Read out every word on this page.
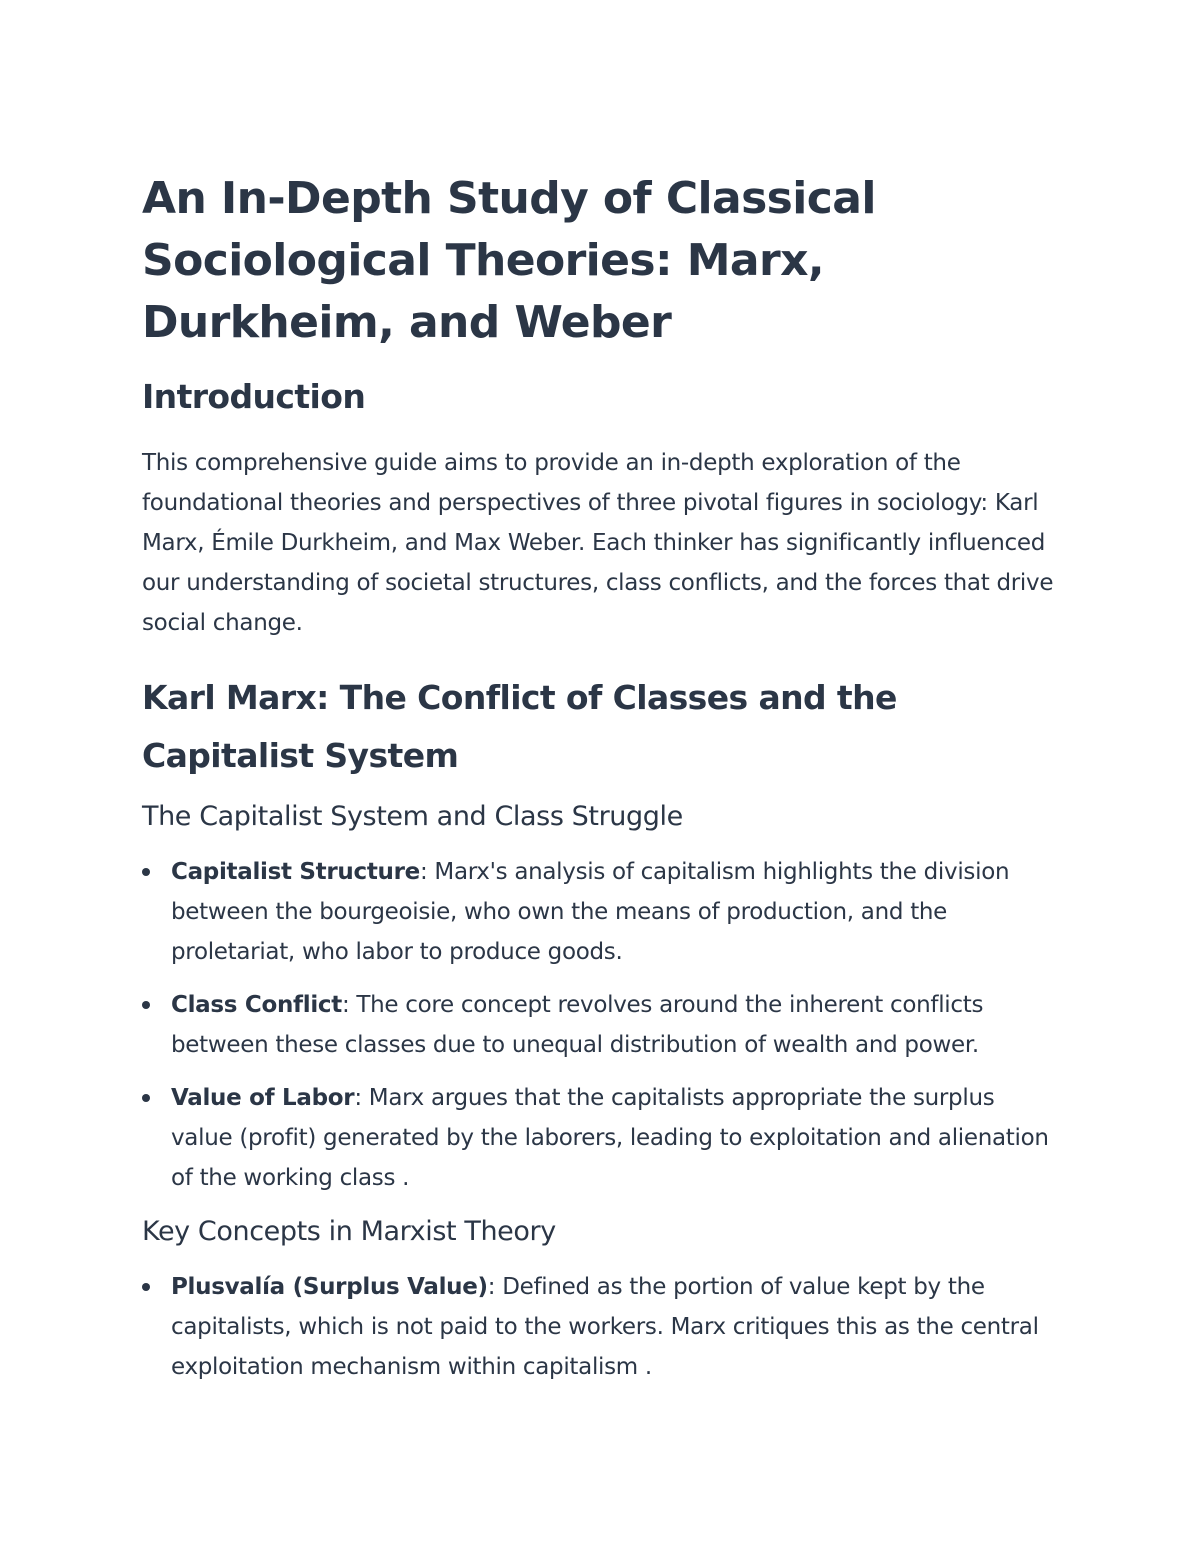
An In-Depth Study of Classical Sociological Theories: Marx, Durkheim, and Weber
Introduction

This comprehensive guide aims to provide an in-depth exploration of the foundational theories and perspectives of three pivotal figures in sociology: Karl Marx, Émile Durkheim, and Max Weber. Each thinker has significantly influenced our understanding of societal structures, class conflicts, and the forces that drive social change.

Karl Marx: The Conflict of Classes and the Capitalist System
The Capitalist System and Class Struggle
Capitalist Structure: Marx's analysis of capitalism highlights the division between the bourgeoisie, who own the means of production, and the proletariat, who labor to produce goods.
Class Conflict: The core concept revolves around the inherent conflicts between these classes due to unequal distribution of wealth and power.
Value of Labor: Marx argues that the capitalists appropriate the surplus value (profit) generated by the laborers, leading to exploitation and alienation of the working class .
Key Concepts in Marxist Theory
Plusvalía (Surplus Value): Defined as the portion of value kept by the capitalists, which is not paid to the workers. Marx critiques this as the central exploitation mechanism within capitalism .
